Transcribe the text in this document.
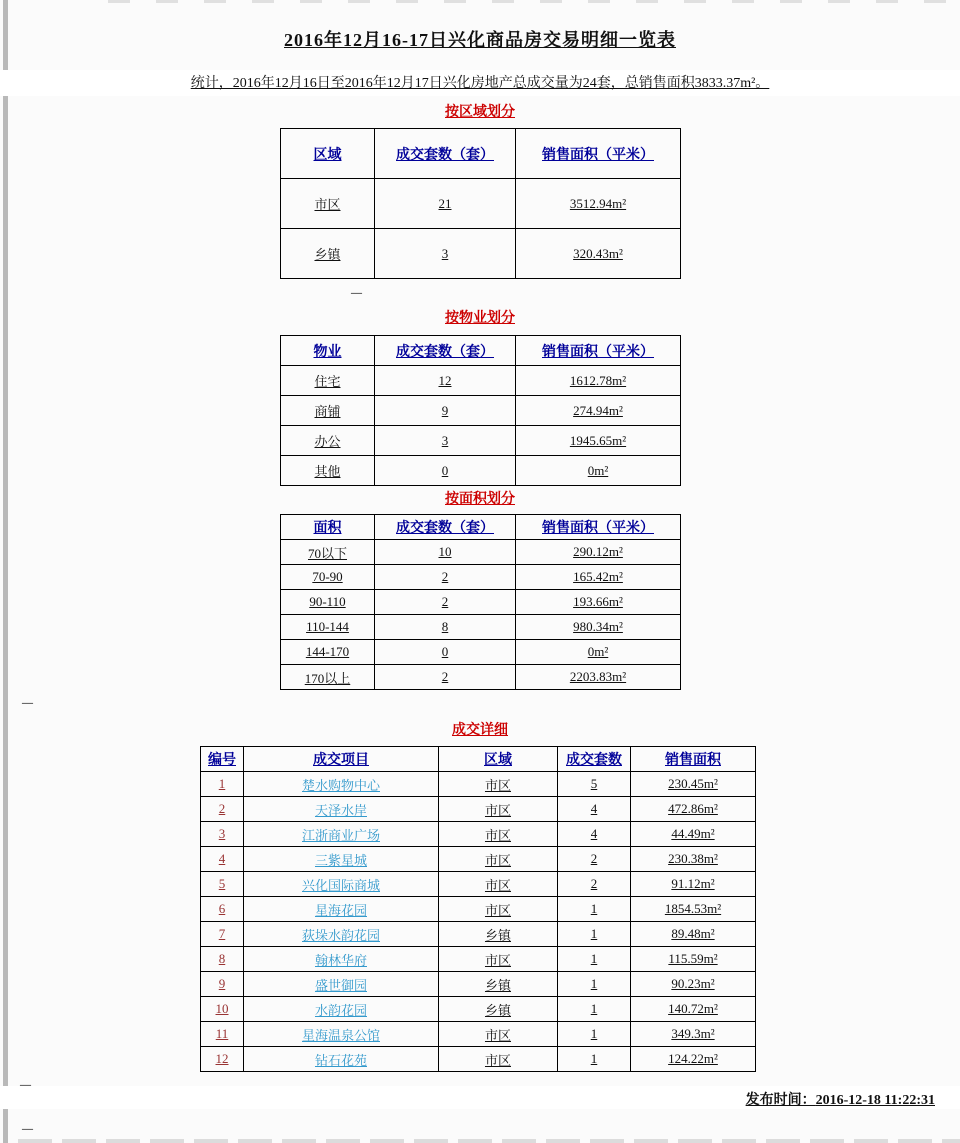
2016年12月16-17日兴化商品房交易明细一览表
统计，2016年12月16日至2016年12月17日兴化房地产总成交量为24套，总销售面积3833.37m²。
按区域划分
区域	成交套数（套）	销售面积（平米）
市区	21	3512.94m²
乡镇	3	320.43m²
—
按物业划分
物业	成交套数（套）	销售面积（平米）
住宅	12	1612.78m²
商铺	9	274.94m²
办公	3	1945.65m²
其他	0	0m²
按面积划分
面积	成交套数（套）	销售面积（平米）
70以下	10	290.12m²
70-90	2	165.42m²
90-110	2	193.66m²
110-144	8	980.34m²
144-170	0	0m²
170以上	2	2203.83m²
—
成交详细
编号	成交项目	区域	成交套数	销售面积
1	楚水购物中心	市区	5	230.45m²
2	天泽水岸	市区	4	472.86m²
3	江浙商业广场	市区	4	44.49m²
4	三紫星城	市区	2	230.38m²
5	兴化国际商城	市区	2	91.12m²
6	星海花园	市区	1	1854.53m²
7	荻垛水韵花园	乡镇	1	89.48m²
8	翰林华府	市区	1	115.59m²
9	盛世御园	乡镇	1	90.23m²
10	水韵花园	乡镇	1	140.72m²
11	星海温泉公馆	市区	1	349.3m²
12	钻石花苑	市区	1	124.22m²
—
发布时间：2016-12-18 11:22:31
—
